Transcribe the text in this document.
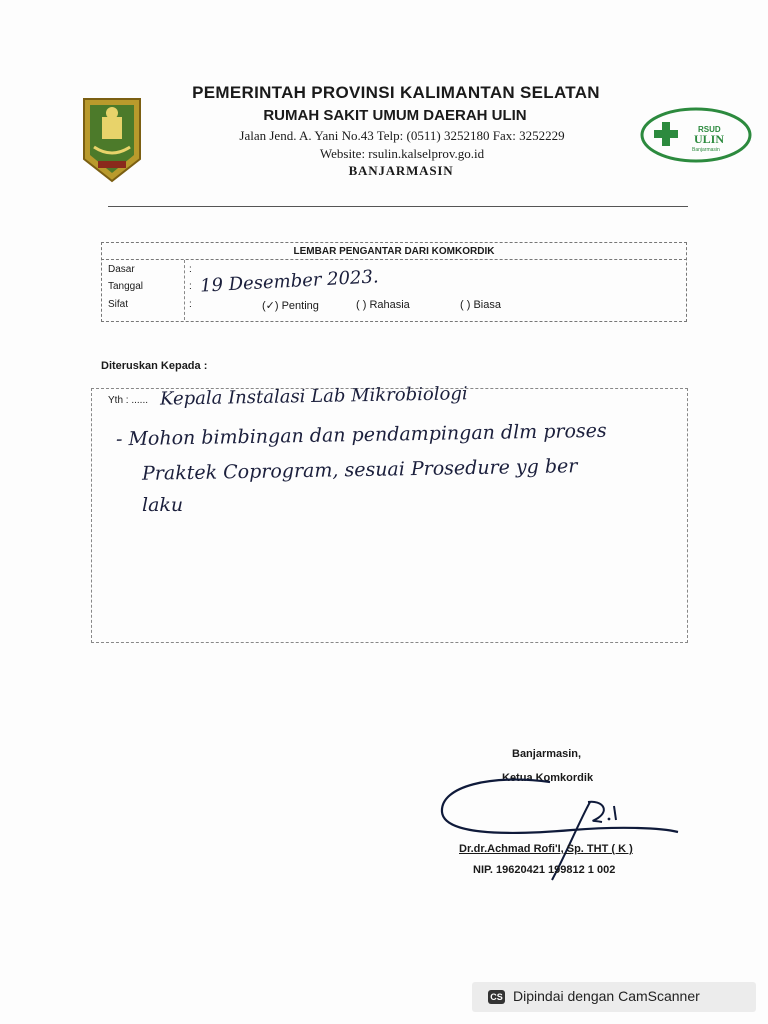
PEMERINTAH PROVINSI KALIMANTAN SELATAN
RUMAH SAKIT UMUM DAERAH ULIN
Jalan Jend. A. Yani No.43 Telp: (0511) 3252180 Fax: 3252229
Website: rsulin.kalselprov.go.id
BANJARMASIN
RSUD
ULIN
Banjarmasin
LEMBAR PENGANTAR DARI KOMKORDIK
Dasar
Tanggal
Sifat
:
:
:
19 Desember 2023.
(✓) Penting	( ) Rahasia	( ) Biasa
Diteruskan Kepada :
Yth : ...... Kepala Instalasi Lab Mikrobiologi
- Mohon bimbingan dan pendampingan dlm proses
Praktek Coprogram, sesuai Prosedure yg ber
laku
Banjarmasin,
Ketua Komkordik
Dr.dr.Achmad Rofi'I, Sp. THT ( K )
NIP. 19620421 199812 1 002
CS Dipindai dengan CamScanner
